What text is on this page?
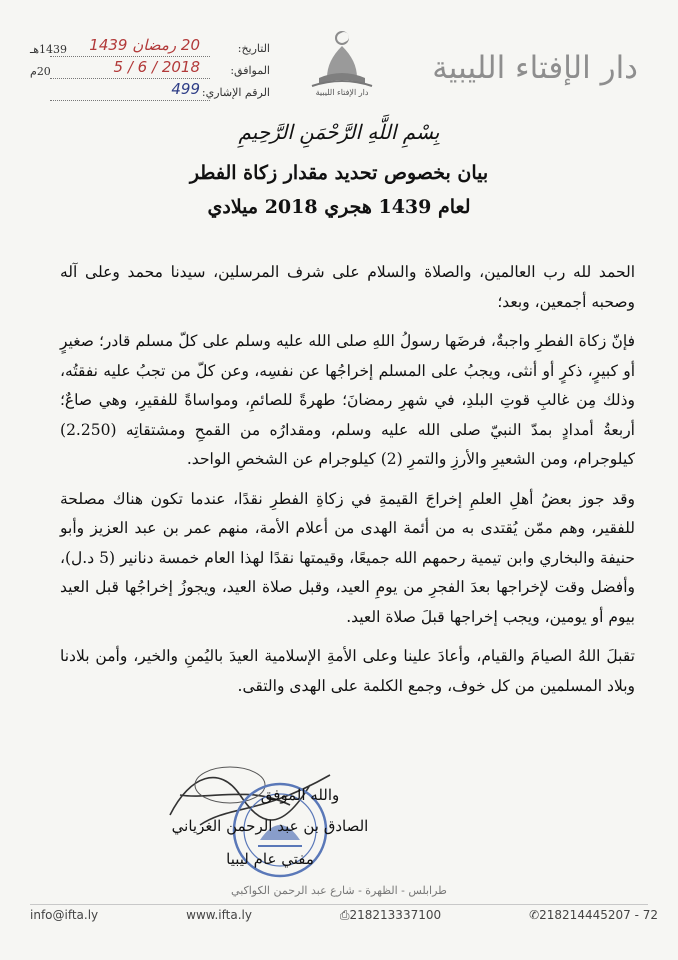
دار الإفتاء الليبية
دار الإفتاء الليبية
التاريخ:
20 رمضان 1439
1439هـ
الموافق:
2018 / 6 / 5
20م
الرقم الإشاري:
499
بِسْمِ اللَّهِ الرَّحْمَنِ الرَّحِيمِ
بيان بخصوص تحديد مقدار زكاة الفطر
لعام 1439 هجري 2018 ميلادي

الحمد لله رب العالمين، والصلاة والسلام على شرف المرسلين، سيدنا محمد وعلى آله وصحبه أجمعين، وبعد؛

فإنّ زكاة الفطرِ واجبةٌ، فرضَها رسولُ اللهِ صلى الله عليه وسلم على كلّ مسلم قادر؛ صغيرٍ أو كبيرٍ، ذكرٍ أو أنثى، ويجبُ على المسلم إخراجُها عن نفسِه، وعن كلّ من تجبُ عليه نفقتُه، وذلك مِن غالبِ قوتِ البلدِ، في شهرِ رمضانَ؛ طهرةً للصائمِ، ومواساةً للفقيرِ، وهي صاعٌ؛ أربعةُ أمدادٍ بمدّ النبيّ صلى الله عليه وسلم، ومقدارُه من القمحِ ومشتقاتِه (2.250) كيلوجرام، ومن الشعيرِ والأرزِ والتمرِ (2) كيلوجرام عن الشخصِ الواحد.

وقد جوز بعضُ أهلِ العلمِ إخراجَ القيمةِ في زكاةِ الفطرِ نقدًا، عندما تكون هناك مصلحة للفقير، وهم ممّن يُقتدى به من أئمة الهدى من أعلام الأمة، منهم عمر بن عبد العزيز وأبو حنيفة والبخاري وابن تيمية رحمهم الله جميعًا، وقيمتها نقدًا لهذا العام خمسة دنانير (5 د.ل)، وأفضل وقت لإخراجها بعدَ الفجرِ من يومِ العيد، وقبل صلاة العيد، ويجوزُ إخراجُها قبل العيد بيوم أو يومين، ويجب إخراجها قبلَ صلاة العيد.

تقبلَ اللهُ الصيامَ والقيام، وأعادَ علينا وعلى الأمةِ الإسلامية العيدَ باليُمنِ والخير، وأمن بلادنا وبلاد المسلمين من كل خوف، وجمع الكلمة على الهدى والتقى.

والله الموفق
الصادق بن عبد الرحمن الغرياني
مفتي عام ليبيا
طرابلس - الظهرة - شارع عبد الرحمن الكواكبي
info@ifta.ly	www.ifta.ly	⎙218213337100	✆218214445207 - 72
